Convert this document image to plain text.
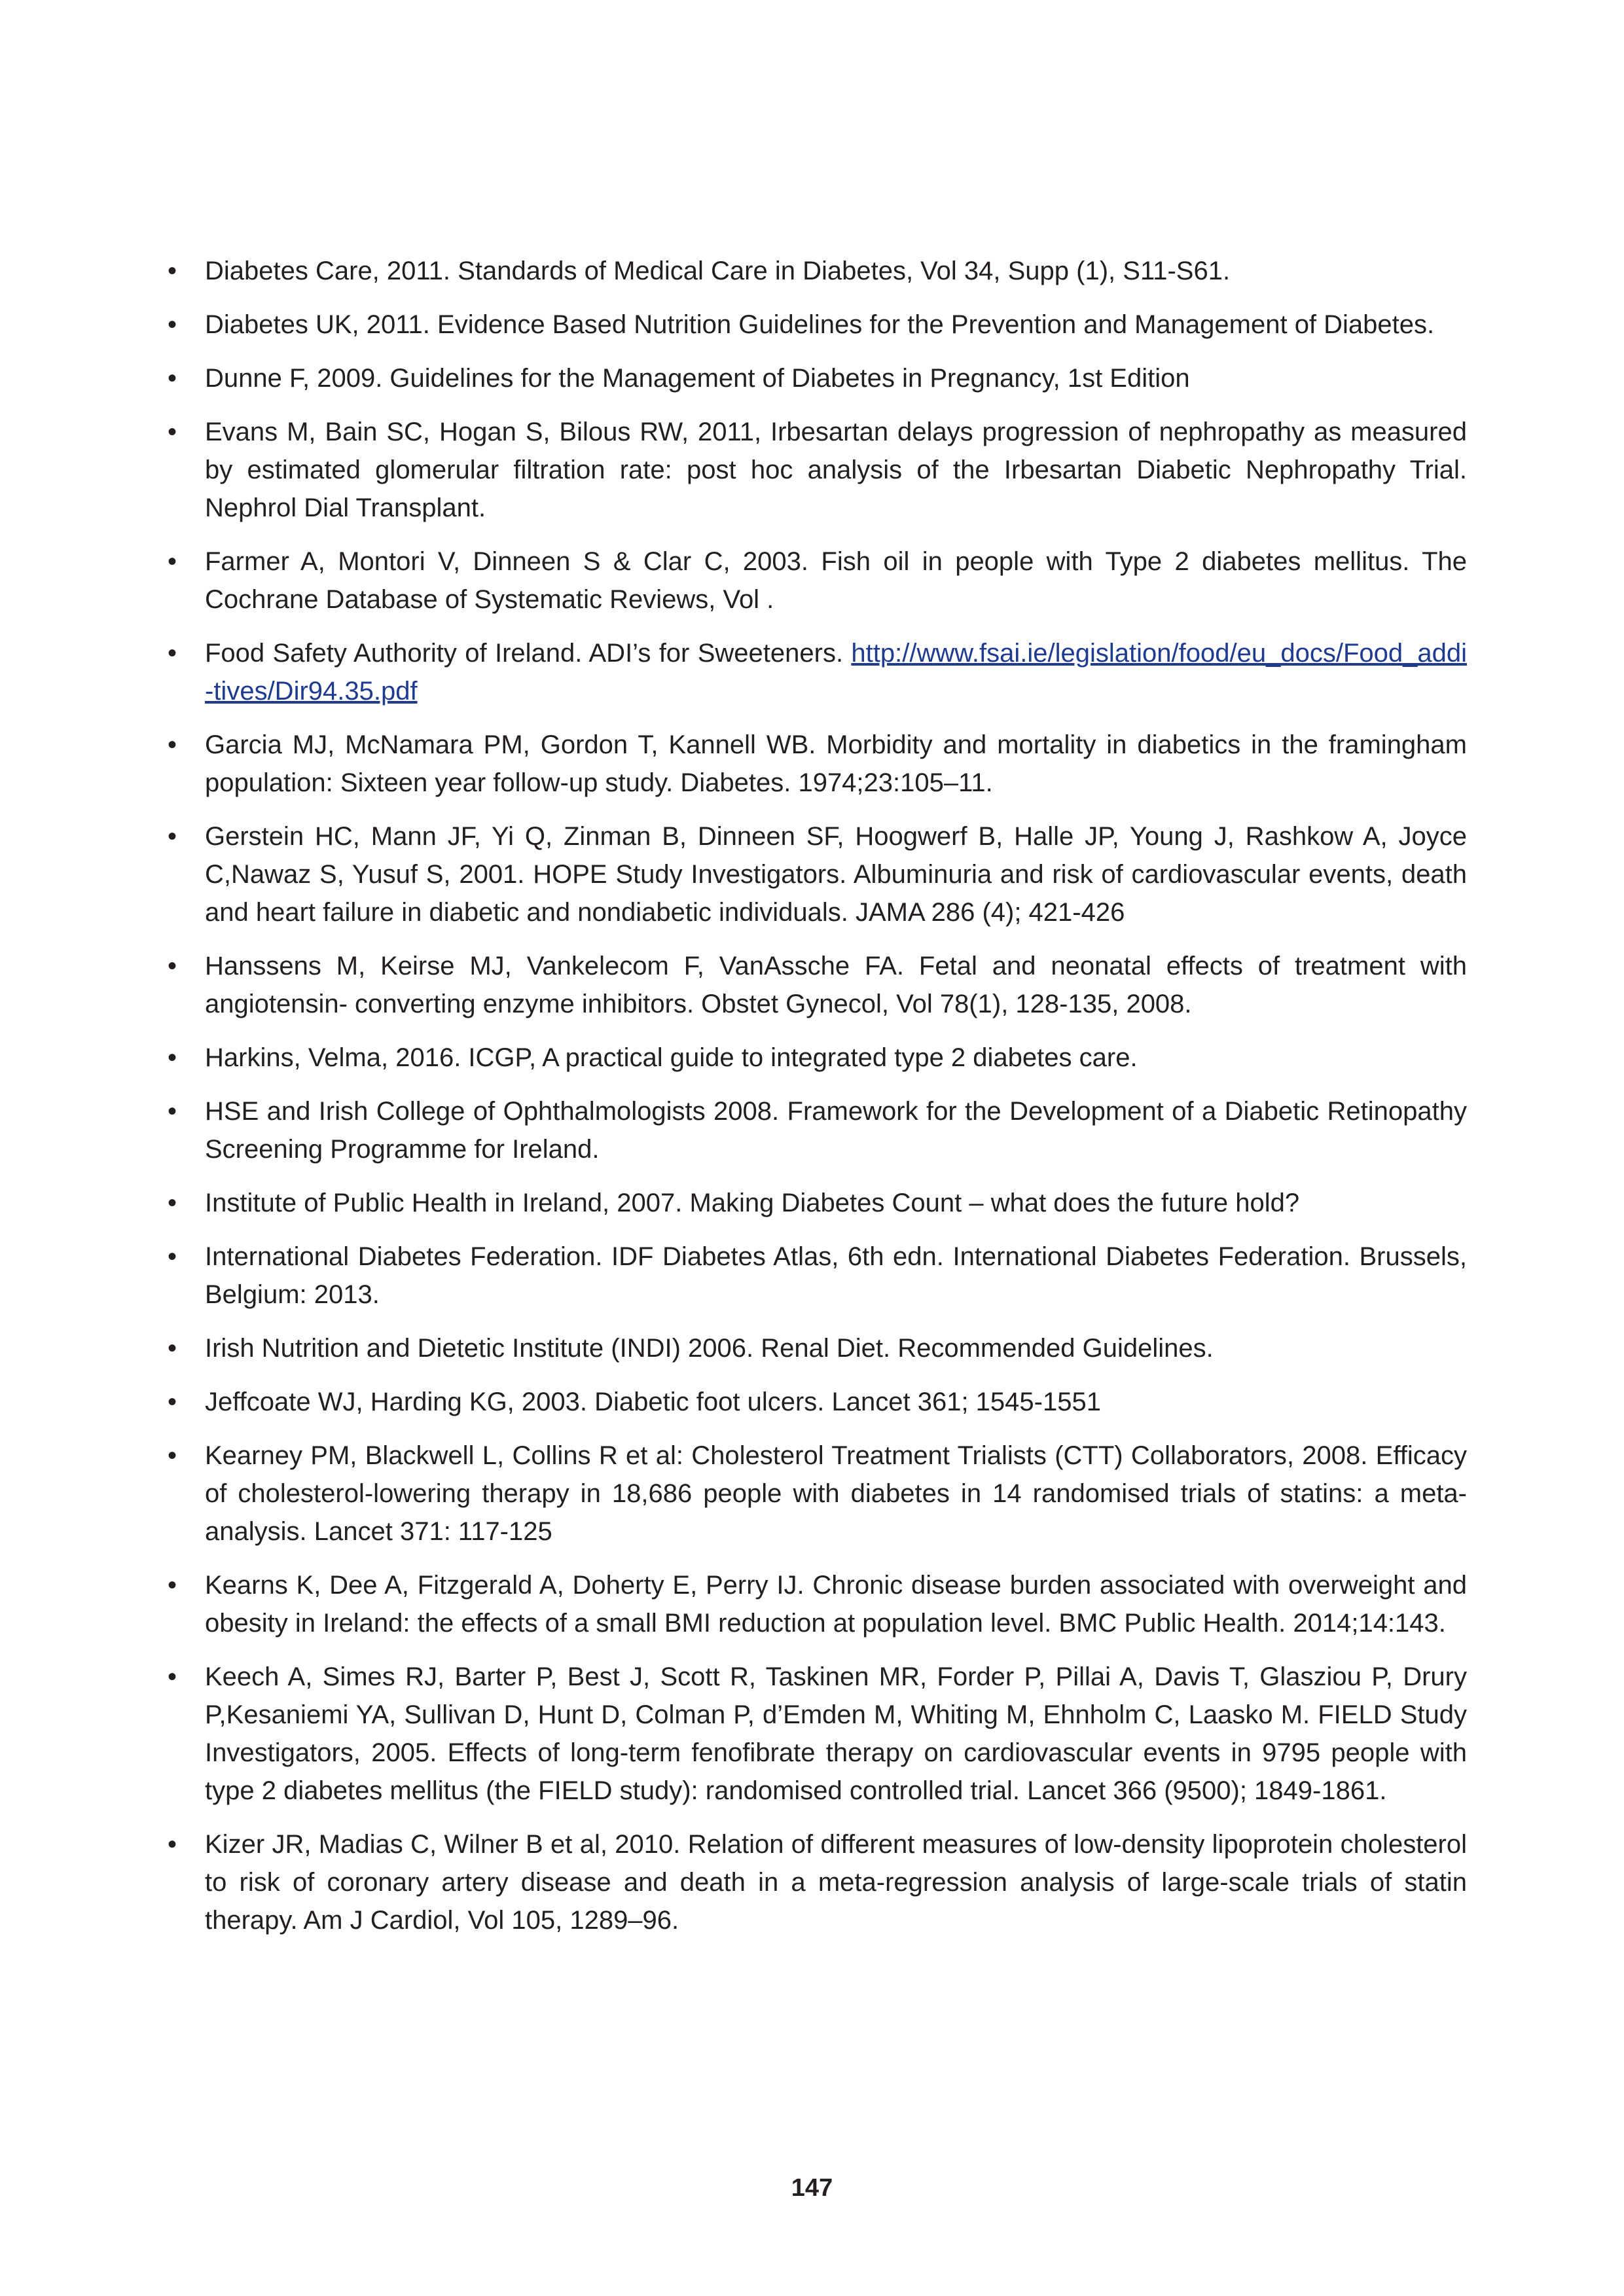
•	Diabetes Care, 2011. Standards of Medical Care in Diabetes, Vol 34, Supp (1), S11-S61.
•	Diabetes UK, 2011. Evidence Based Nutrition Guidelines for the Prevention and Management of Diabetes.
•	Dunne F, 2009. Guidelines for the Management of Diabetes in Pregnancy, 1st Edition
•	Evans M, Bain SC, Hogan S, Bilous RW, 2011, Irbesartan delays progression of nephropathy as measured by estimated glomerular filtration rate: post hoc analysis of the Irbesartan Diabetic Nephropathy Trial. Nephrol Dial Transplant.
•	Farmer A, Montori V, Dinneen S & Clar C, 2003. Fish oil in people with Type 2 diabetes mellitus. The Cochrane Database of Systematic Reviews, Vol .
•	Food Safety Authority of Ireland. ADI’s for Sweeteners. http://www.fsai.ie/legislation/food/eu_docs/Food_addi-tives/Dir94.35.pdf
•	Garcia MJ, McNamara PM, Gordon T, Kannell WB. Morbidity and mortality in diabetics in the framingham population: Sixteen year follow-up study. Diabetes. 1974;23:105–11.
•	Gerstein HC, Mann JF, Yi Q, Zinman B, Dinneen SF, Hoogwerf B, Halle JP, Young J, Rashkow A, Joyce C,Nawaz S, Yusuf S, 2001. HOPE Study Investigators. Albuminuria and risk of cardiovascular events, death and heart failure in diabetic and nondiabetic individuals. JAMA 286 (4); 421-426
•	Hanssens M, Keirse MJ, Vankelecom F, VanAssche FA. Fetal and neonatal effects of treatment with angiotensin- converting enzyme inhibitors. Obstet Gynecol, Vol 78(1), 128-135, 2008.
•	Harkins, Velma, 2016. ICGP, A practical guide to integrated type 2 diabetes care.
•	HSE and Irish College of Ophthalmologists 2008. Framework for the Development of a Diabetic Retinopathy Screening Programme for Ireland.
•	Institute of Public Health in Ireland, 2007. Making Diabetes Count – what does the future hold?
•	International Diabetes Federation. IDF Diabetes Atlas, 6th edn. International Diabetes Federation. Brussels, Belgium: 2013.
•	Irish Nutrition and Dietetic Institute (INDI) 2006. Renal Diet. Recommended Guidelines.
•	Jeffcoate WJ, Harding KG, 2003. Diabetic foot ulcers. Lancet 361; 1545-1551
•	Kearney PM, Blackwell L, Collins R et al: Cholesterol Treatment Trialists (CTT) Collaborators, 2008. Efficacy of cholesterol-lowering therapy in 18,686 people with diabetes in 14 randomised trials of statins: a meta-analysis. Lancet 371: 117-125
•	Kearns K, Dee A, Fitzgerald A, Doherty E, Perry IJ. Chronic disease burden associated with overweight and obesity in Ireland: the effects of a small BMI reduction at population level. BMC Public Health. 2014;14:143.
•	Keech A, Simes RJ, Barter P, Best J, Scott R, Taskinen MR, Forder P, Pillai A, Davis T, Glasziou P, Drury P,Kesaniemi YA, Sullivan D, Hunt D, Colman P, d’Emden M, Whiting M, Ehnholm C, Laasko M. FIELD Study Investigators, 2005. Effects of long-term fenofibrate therapy on cardiovascular events in 9795 people with type 2 diabetes mellitus (the FIELD study): randomised controlled trial. Lancet 366 (9500); 1849-1861.
•	Kizer JR, Madias C, Wilner B et al, 2010. Relation of different measures of low-density lipoprotein cholesterol to risk of coronary artery disease and death in a meta-regression analysis of large-scale trials of statin therapy. Am J Cardiol, Vol 105, 1289–96.
147
